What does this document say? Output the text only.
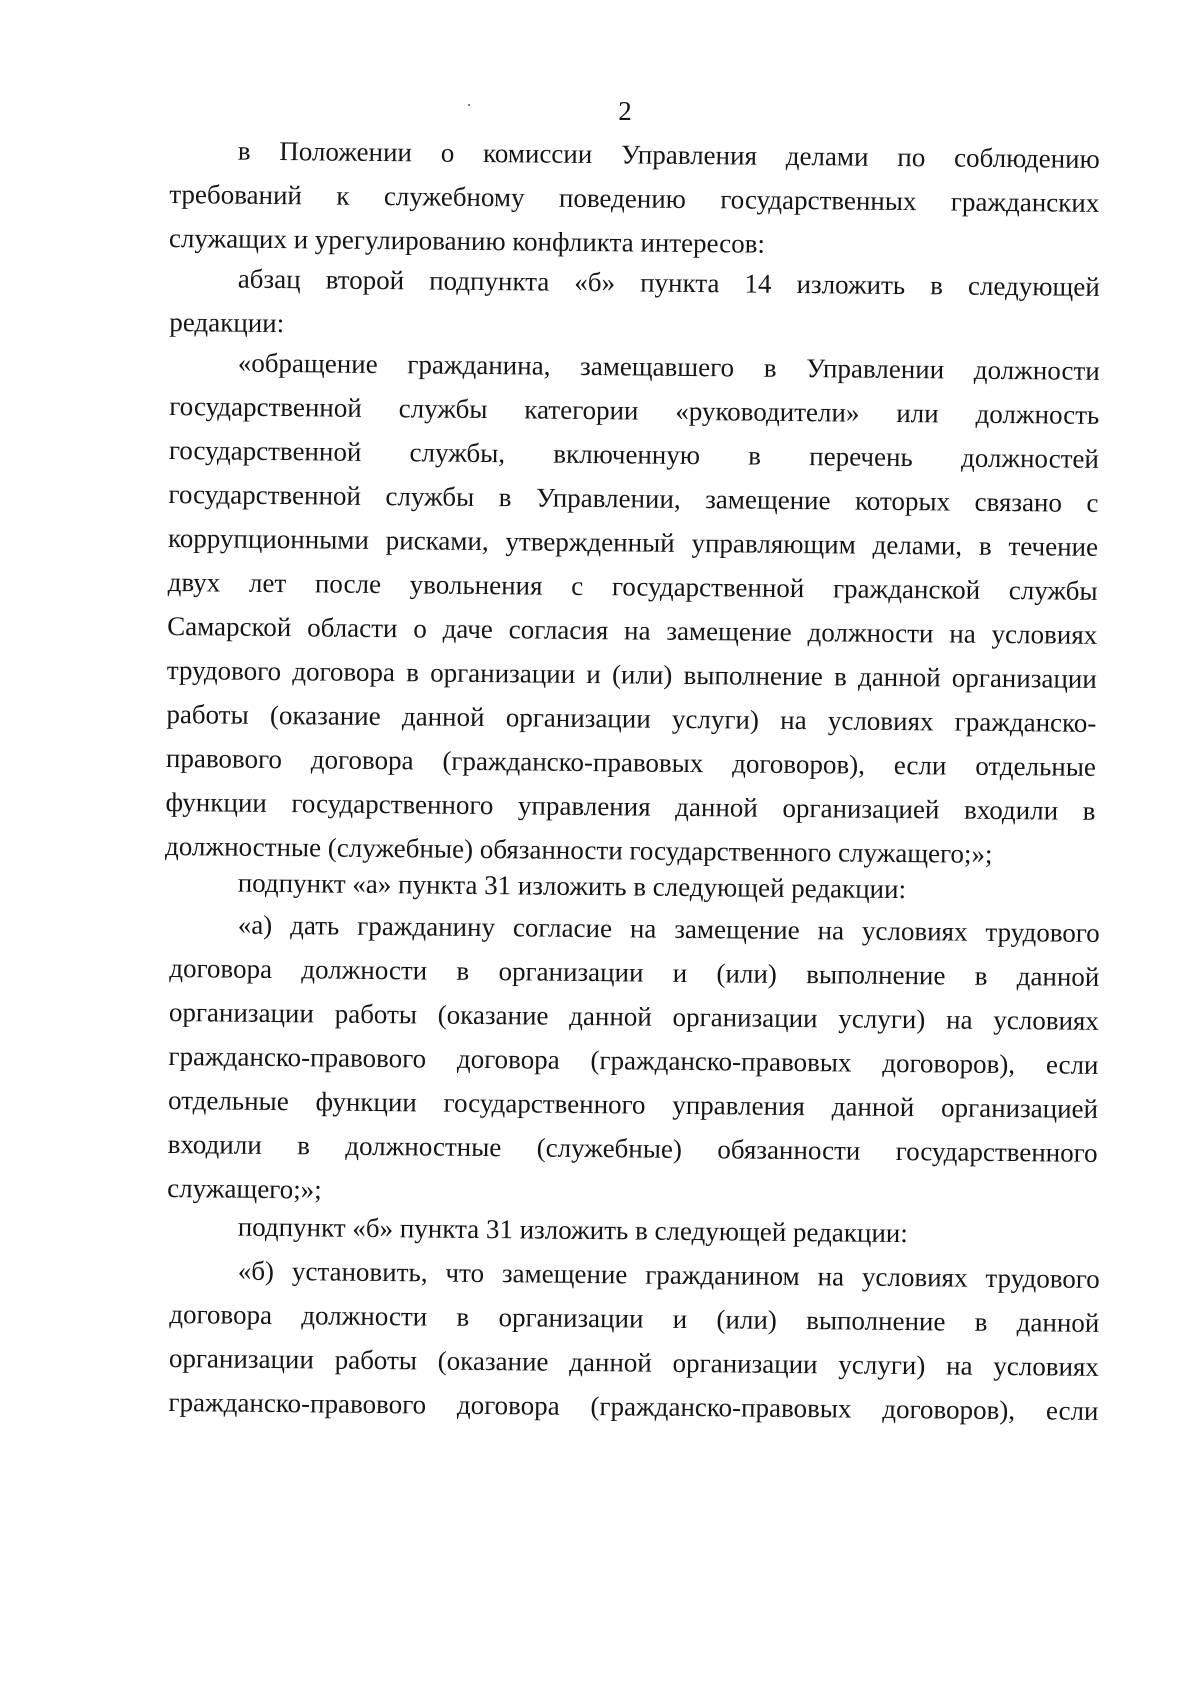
2
в Положении о комиссии Управления делами по соблюдению
требований к служебному поведению государственных гражданских
служащих и урегулированию конфликта интересов:
абзац второй подпункта «б» пункта 14 изложить в следующей
редакции:
«обращение гражданина, замещавшего в Управлении должности
государственной службы категории «руководители» или должность
государственной службы, включенную в перечень должностей
государственной службы в Управлении, замещение которых связано с
коррупционными рисками, утвержденный управляющим делами, в течение
двух лет после увольнения с государственной гражданской службы
Самарской области о даче согласия на замещение должности на условиях
трудового договора в организации и (или) выполнение в данной организации
работы (оказание данной организации услуги) на условиях гражданско-
правового договора (гражданско-правовых договоров), если отдельные
функции государственного управления данной организацией входили в
должностные (служебные) обязанности государственного служащего;»;
подпункт «а» пункта 31 изложить в следующей редакции:
«а) дать гражданину согласие на замещение на условиях трудового
договора должности в организации и (или) выполнение в данной
организации работы (оказание данной организации услуги) на условиях
гражданско-правового договора (гражданско-правовых договоров), если
отдельные функции государственного управления данной организацией
входили в должностные (служебные) обязанности государственного
служащего;»;
подпункт «б» пункта 31 изложить в следующей редакции:
«б) установить, что замещение гражданином на условиях трудового
договора должности в организации и (или) выполнение в данной
организации работы (оказание данной организации услуги) на условиях
гражданско-правового договора (гражданско-правовых договоров), если
